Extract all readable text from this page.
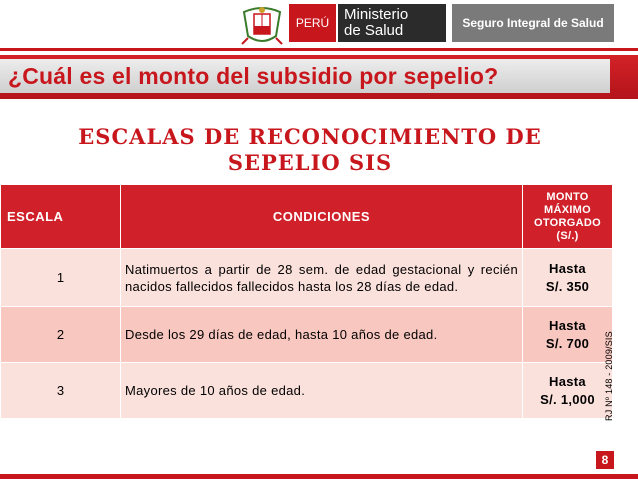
PERÚ Ministerio
de Salud	Seguro Integral de Salud
¿Cuál es el monto del subsidio por sepelio?
ESCALAS DE RECONOCIMIENTO DE
SEPELIO SIS
ESCALA	CONDICIONES	MONTO
MÁXIMO
OTORGADO
(S/.)

1	Natimuertos a partir de 28 sem. de edad gestacional y recién nacidos fallecidos fallecidos hasta los 28 días de edad.	Hasta
S/. 350

2	Desde los 29 días de edad, hasta 10 años de edad.	Hasta
S/. 700

3	Mayores de 10 años de edad.	Hasta
S/. 1,000	RJ Nº 148 - 2009/SIS
8
